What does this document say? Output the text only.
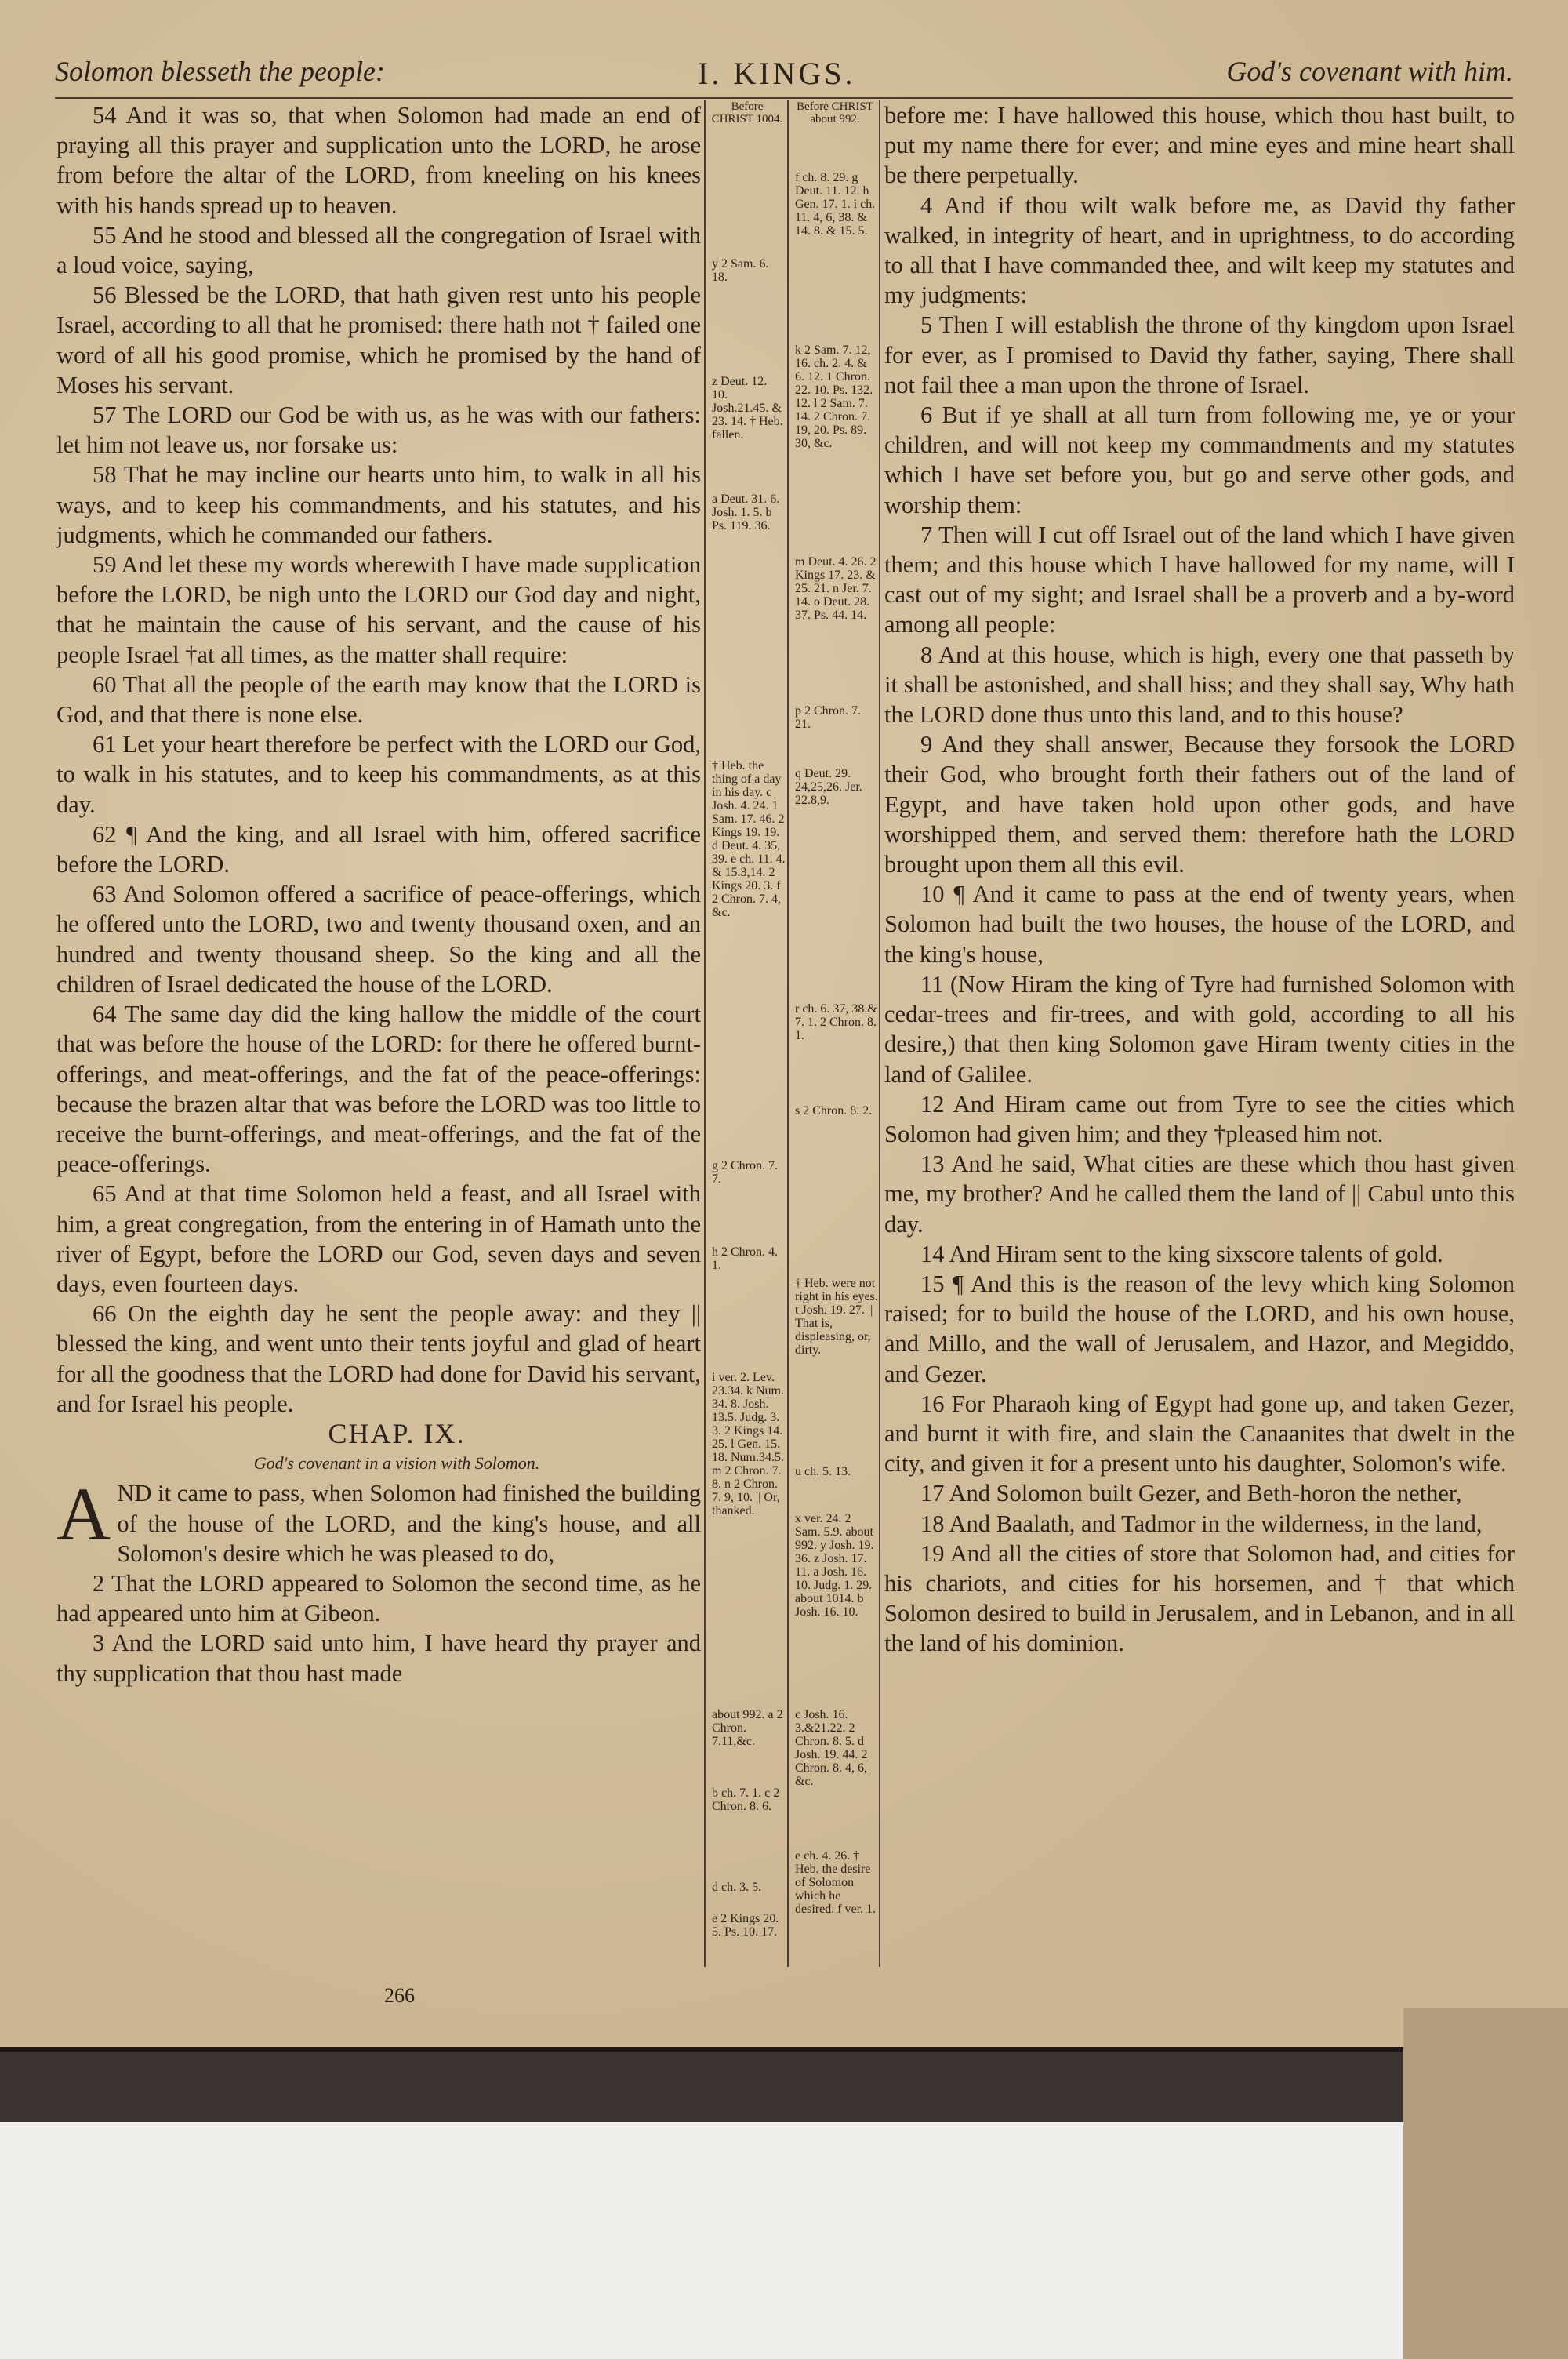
Solomon blesseth the people:	I. KINGS.	God's covenant with him.

54 And it was so, that when Solomon had made an end of praying all this prayer and supplication unto the LORD, he arose from before the altar of the LORD, from kneeling on his knees with his hands spread up to heaven.

55 And he stood and blessed all the congregation of Israel with a loud voice, saying,

56 Blessed be the LORD, that hath given rest unto his people Israel, according to all that he promised: there hath not † failed one word of all his good promise, which he promised by the hand of Moses his servant.

57 The LORD our God be with us, as he was with our fathers: let him not leave us, nor forsake us:

58 That he may incline our hearts unto him, to walk in all his ways, and to keep his commandments, and his statutes, and his judgments, which he commanded our fathers.

59 And let these my words wherewith I have made supplication before the LORD, be nigh unto the LORD our God day and night, that he maintain the cause of his servant, and the cause of his people Israel †at all times, as the matter shall require:

60 That all the people of the earth may know that the LORD is God, and that there is none else.

61 Let your heart therefore be perfect with the LORD our God, to walk in his statutes, and to keep his commandments, as at this day.

62 ¶ And the king, and all Israel with him, offered sacrifice before the LORD.

63 And Solomon offered a sacrifice of peace-offerings, which he offered unto the LORD, two and twenty thousand oxen, and an hundred and twenty thousand sheep. So the king and all the children of Israel dedicated the house of the LORD.

64 The same day did the king hallow the middle of the court that was before the house of the LORD: for there he offered burnt-offerings, and meat-offerings, and the fat of the peace-offerings: because the brazen altar that was before the LORD was too little to receive the burnt-offerings, and meat-offerings, and the fat of the peace-offerings.

65 And at that time Solomon held a feast, and all Israel with him, a great congregation, from the entering in of Hamath unto the river of Egypt, before the LORD our God, seven days and seven days, even fourteen days.

66 On the eighth day he sent the people away: and they || blessed the king, and went unto their tents joyful and glad of heart for all the goodness that the LORD had done for David his servant, and for Israel his people.

CHAP. IX.

God's covenant in a vision with Solomon.

AND it came to pass, when Solomon had finished the building of the house of the LORD, and the king's house, and all Solomon's desire which he was pleased to do,

2 That the LORD appeared to Solomon the second time, as he had appeared unto him at Gibeon.

3 And the LORD said unto him, I have heard thy prayer and thy supplication that thou hast made

Before CHRIST 1004.
y 2 Sam. 6. 18.
z Deut. 12. 10. Josh.21.45. & 23. 14. † Heb. fallen.
a Deut. 31. 6. Josh. 1. 5. b Ps. 119. 36.
† Heb. the thing of a day in his day. c Josh. 4. 24. 1 Sam. 17. 46. 2 Kings 19. 19. d Deut. 4. 35, 39. e ch. 11. 4. & 15.3,14. 2 Kings 20. 3. f 2 Chron. 7. 4, &c.
g 2 Chron. 7. 7.
h 2 Chron. 4. 1.
i ver. 2. Lev. 23.34. k Num. 34. 8. Josh. 13.5. Judg. 3. 3. 2 Kings 14. 25. l Gen. 15. 18. Num.34.5. m 2 Chron. 7. 8. n 2 Chron. 7. 9, 10. || Or, thanked.
about 992. a 2 Chron. 7.11,&c.
b ch. 7. 1. c 2 Chron. 8. 6.
d ch. 3. 5.
e 2 Kings 20. 5. Ps. 10. 17.
Before CHRIST about 992.
f ch. 8. 29. g Deut. 11. 12. h Gen. 17. 1. i ch. 11. 4, 6, 38. & 14. 8. & 15. 5.
k 2 Sam. 7. 12, 16. ch. 2. 4. & 6. 12. 1 Chron. 22. 10. Ps. 132. 12. l 2 Sam. 7. 14. 2 Chron. 7. 19, 20. Ps. 89. 30, &c.
m Deut. 4. 26. 2 Kings 17. 23. & 25. 21. n Jer. 7. 14. o Deut. 28. 37. Ps. 44. 14.
p 2 Chron. 7. 21.
q Deut. 29. 24,25,26. Jer. 22.8,9.
r ch. 6. 37, 38.& 7. 1. 2 Chron. 8. 1.
s 2 Chron. 8. 2.
† Heb. were not right in his eyes. t Josh. 19. 27. || That is, displeasing, or, dirty.
u ch. 5. 13.
x ver. 24. 2 Sam. 5.9. about 992. y Josh. 19. 36. z Josh. 17. 11. a Josh. 16. 10. Judg. 1. 29. about 1014. b Josh. 16. 10.
c Josh. 16. 3.&21.22. 2 Chron. 8. 5. d Josh. 19. 44. 2 Chron. 8. 4, 6, &c.
e ch. 4. 26. † Heb. the desire of Solomon which he desired. f ver. 1.

before me: I have hallowed this house, which thou hast built, to put my name there for ever; and mine eyes and mine heart shall be there perpetually.

4 And if thou wilt walk before me, as David thy father walked, in integrity of heart, and in uprightness, to do according to all that I have commanded thee, and wilt keep my statutes and my judgments:

5 Then I will establish the throne of thy kingdom upon Israel for ever, as I promised to David thy father, saying, There shall not fail thee a man upon the throne of Israel.

6 But if ye shall at all turn from following me, ye or your children, and will not keep my commandments and my statutes which I have set before you, but go and serve other gods, and worship them:

7 Then will I cut off Israel out of the land which I have given them; and this house which I have hallowed for my name, will I cast out of my sight; and Israel shall be a proverb and a by-word among all people:

8 And at this house, which is high, every one that passeth by it shall be astonished, and shall hiss; and they shall say, Why hath the LORD done thus unto this land, and to this house?

9 And they shall answer, Because they forsook the LORD their God, who brought forth their fathers out of the land of Egypt, and have taken hold upon other gods, and have worshipped them, and served them: therefore hath the LORD brought upon them all this evil.

10 ¶ And it came to pass at the end of twenty years, when Solomon had built the two houses, the house of the LORD, and the king's house,

11 (Now Hiram the king of Tyre had furnished Solomon with cedar-trees and fir-trees, and with gold, according to all his desire,) that then king Solomon gave Hiram twenty cities in the land of Galilee.

12 And Hiram came out from Tyre to see the cities which Solomon had given him; and they †pleased him not.

13 And he said, What cities are these which thou hast given me, my brother? And he called them the land of || Cabul unto this day.

14 And Hiram sent to the king sixscore talents of gold.

15 ¶ And this is the reason of the levy which king Solomon raised; for to build the house of the LORD, and his own house, and Millo, and the wall of Jerusalem, and Hazor, and Megiddo, and Gezer.

16 For Pharaoh king of Egypt had gone up, and taken Gezer, and burnt it with fire, and slain the Canaanites that dwelt in the city, and given it for a present unto his daughter, Solomon's wife.

17 And Solomon built Gezer, and Beth-horon the nether,

18 And Baalath, and Tadmor in the wilderness, in the land,

19 And all the cities of store that Solomon had, and cities for his chariots, and cities for his horsemen, and † that which Solomon desired to build in Jerusalem, and in Lebanon, and in all the land of his dominion.

266
